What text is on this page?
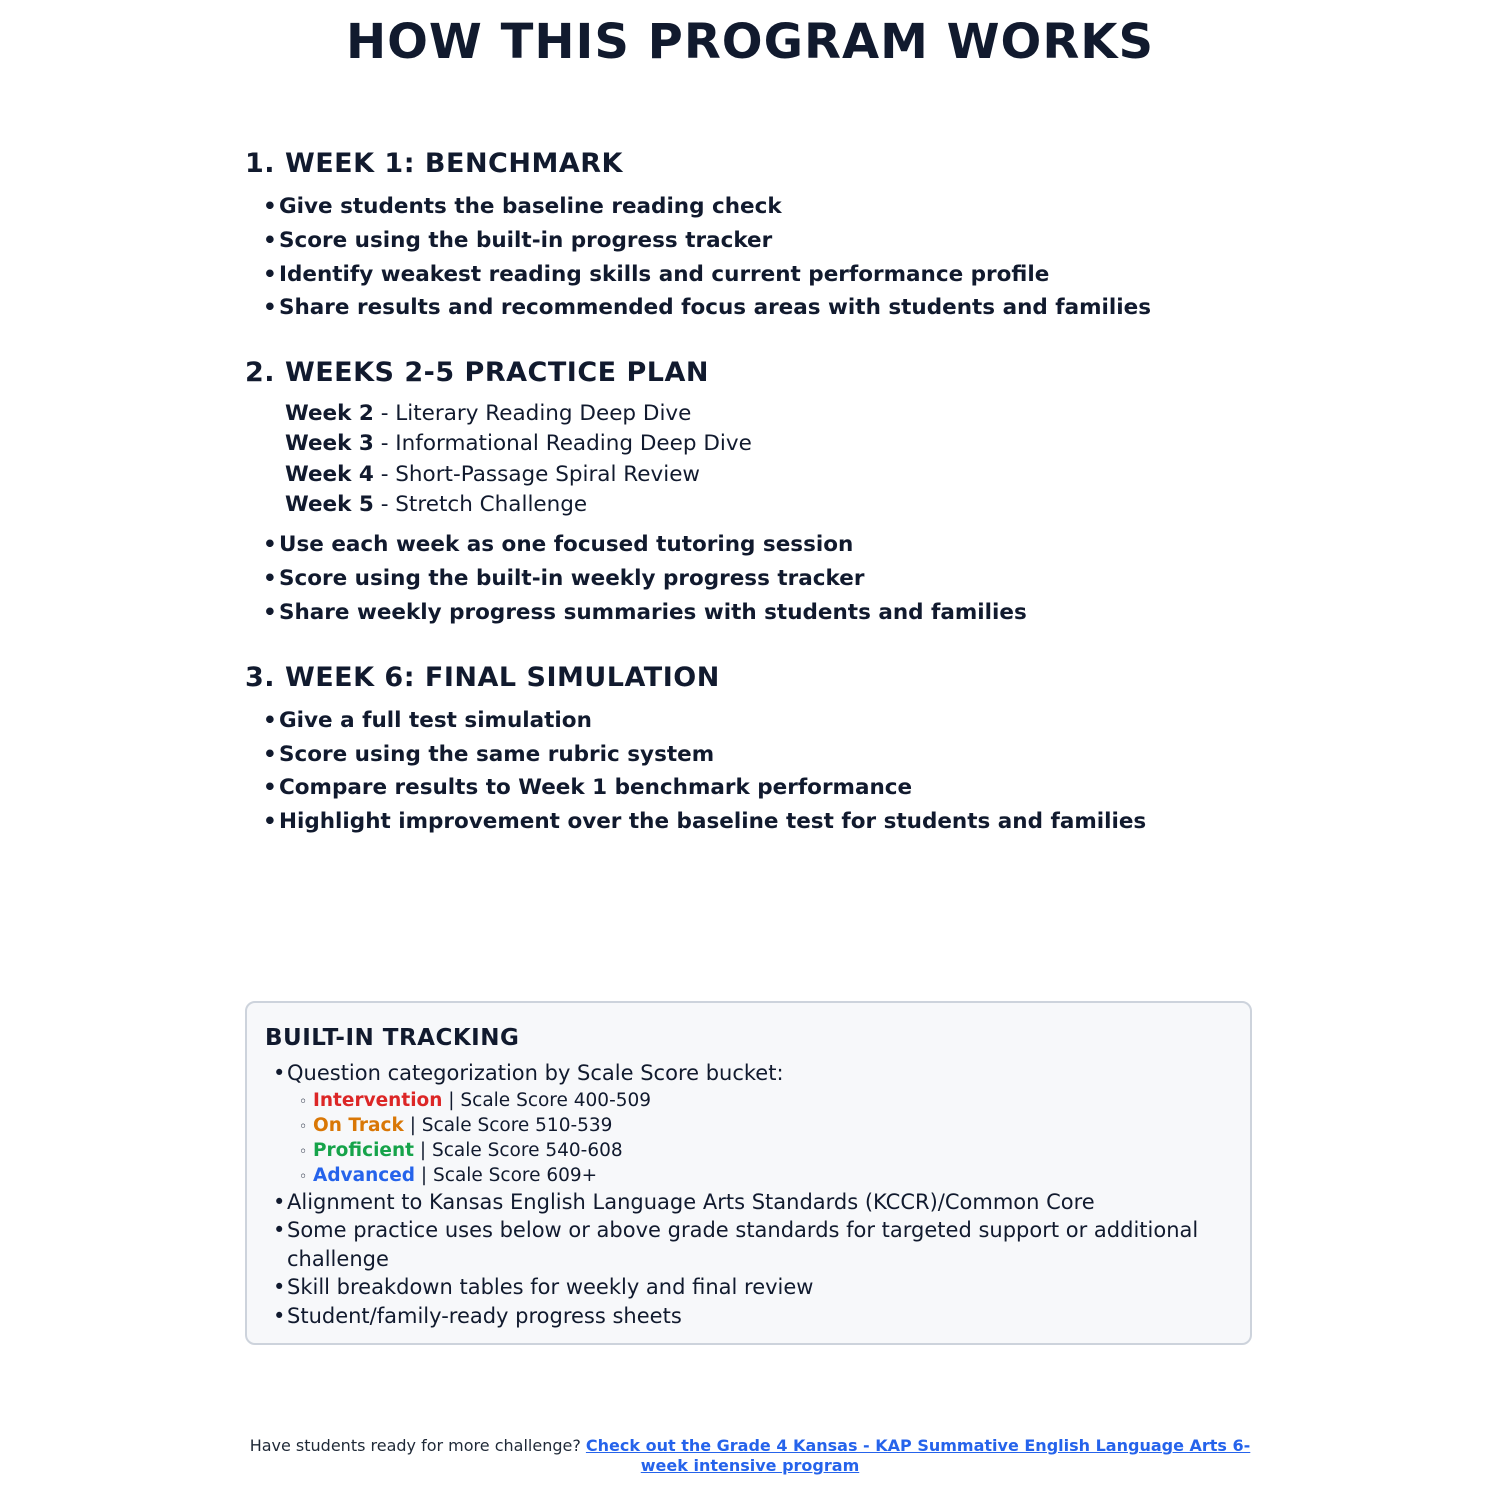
HOW THIS PROGRAM WORKS
1. WEEK 1: BENCHMARK
• Give students the baseline reading check
• Score using the built-in progress tracker
• Identify weakest reading skills and current performance profile
• Share results and recommended focus areas with students and families
2. WEEKS 2-5 PRACTICE PLAN
Week 2 - Literary Reading Deep Dive
Week 3 - Informational Reading Deep Dive
Week 4 - Short-Passage Spiral Review
Week 5 - Stretch Challenge
• Use each week as one focused tutoring session
• Score using the built-in weekly progress tracker
• Share weekly progress summaries with students and families
3. WEEK 6: FINAL SIMULATION
• Give a full test simulation
• Score using the same rubric system
• Compare results to Week 1 benchmark performance
• Highlight improvement over the baseline test for students and families
BUILT-IN TRACKING
• Question categorization by Scale Score bucket:
◦ Intervention | Scale Score 400-509
◦ On Track | Scale Score 510-539
◦ Proficient | Scale Score 540-608
◦ Advanced | Scale Score 609+
• Alignment to Kansas English Language Arts Standards (KCCR)/Common Core
• Some practice uses below or above grade standards for targeted support or additional challenge
• Skill breakdown tables for weekly and final review
• Student/family-ready progress sheets
Have students ready for more challenge? Check out the Grade 4 Kansas - KAP Summative English Language Arts 6-week intensive program
